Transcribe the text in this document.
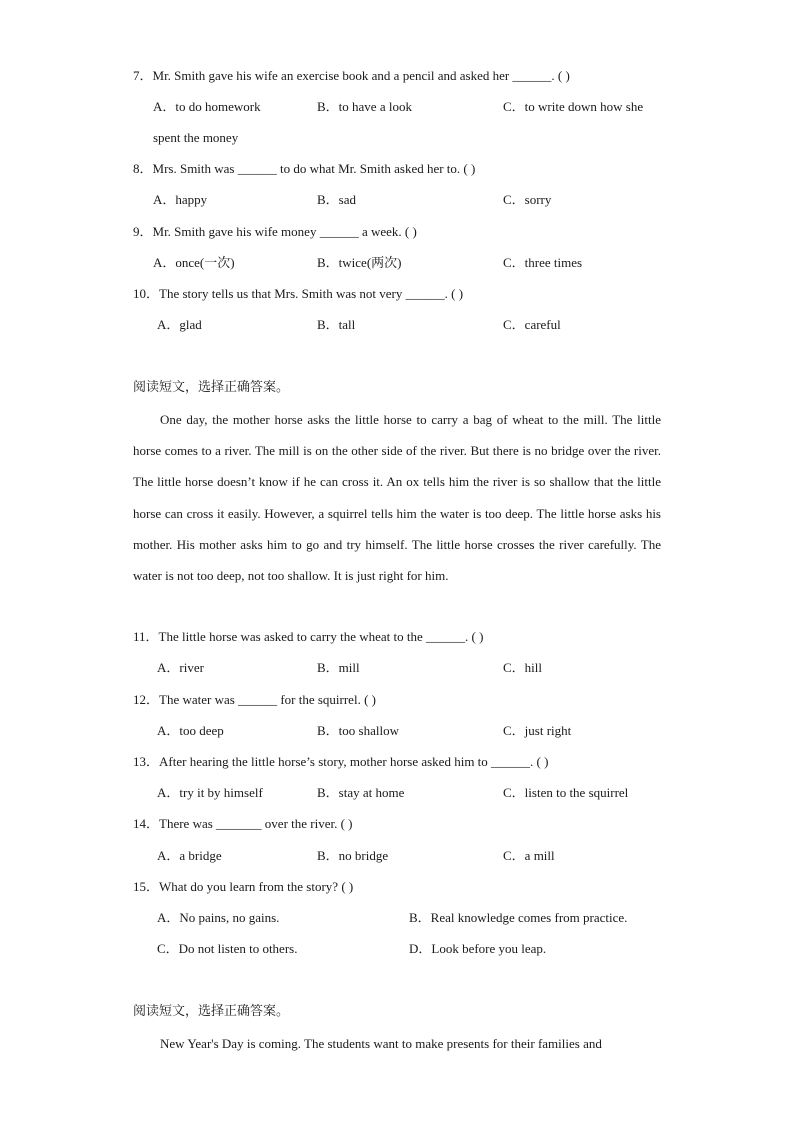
7．Mr. Smith gave his wife an exercise book and a pencil and asked her ______. ( )
A．to do homework	B．to have a look	C．to write down how she
spent the money
8．Mrs. Smith was ______ to do what Mr. Smith asked her to. ( )
A．happy	B．sad	C．sorry
9．Mr. Smith gave his wife money ______ a week. ( )
A．once(一次)	B．twice(两次)	C．three times
10．The story tells us that Mrs. Smith was not very ______. ( )
A．glad	B．tall	C．careful
阅读短文，选择正确答案。
One day, the mother horse asks the little horse to carry a bag of wheat to the mill. The little horse comes to a river. The mill is on the other side of the river. But there is no bridge over the river. The little horse doesn’t know if he can cross it. An ox tells him the river is so shallow that the little horse can cross it easily. However, a squirrel tells him the water is too deep. The little horse asks his mother. His mother asks him to go and try himself. The little horse crosses the river carefully. The water is not too deep, not too shallow. It is just right for him.
11．The little horse was asked to carry the wheat to the ______. ( )
A．river	B．mill	C．hill
12．The water was ______ for the squirrel. ( )
A．too deep	B．too shallow	C．just right
13．After hearing the little horse’s story, mother horse asked him to ______. ( )
A．try it by himself	B．stay at home	C．listen to the squirrel
14．There was _______ over the river. ( )
A．a bridge	B．no bridge	C．a mill
15．What do you learn from the story? ( )
A．No pains, no gains.	B．Real knowledge comes from practice.
C．Do not listen to others.	D．Look before you leap.
阅读短文，选择正确答案。
New Year's Day is coming. The students want to make presents for their families and
